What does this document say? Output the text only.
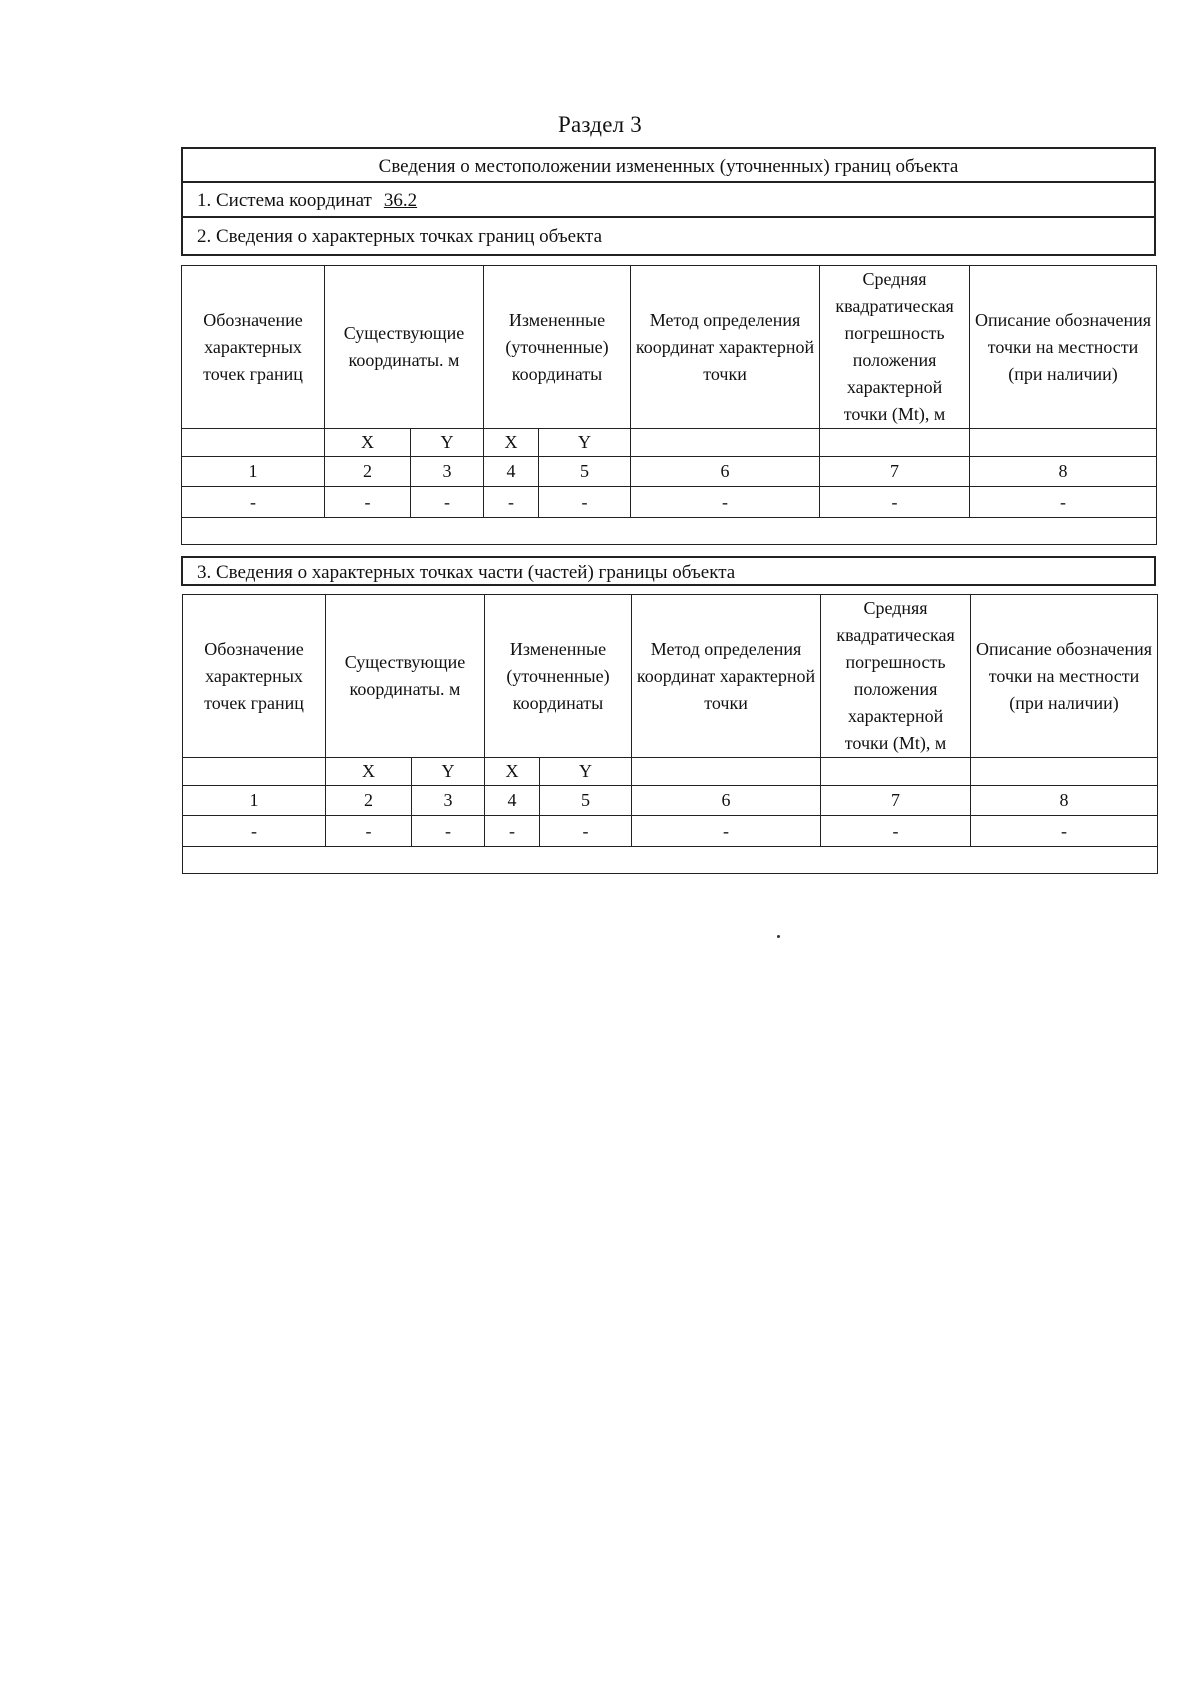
Раздел 3
Сведения о местоположении измененных (уточненных) границ объекта
1. Система координат 36.2
2. Сведения о характерных точках границ объекта
Обозначение характерных точек границ	Существующие координаты. м		Измененные (уточненные) координаты		Метод определения координат характерной точки	Средняя квадратическая погрешность положения характерной точки (Mt), м	Описание обозначения точки на местности (при наличии)
	X	Y	X	Y			
1	2	3	4	5	6	7	8
-	-	-	-	-	-	-	-

3. Сведения о характерных точках части (частей) границы объекта
Обозначение характерных точек границ	Существующие координаты. м		Измененные (уточненные) координаты		Метод определения координат характерной точки	Средняя квадратическая погрешность положения характерной точки (Mt), м	Описание обозначения точки на местности (при наличии)
	X	Y	X	Y			
1	2	3	4	5	6	7	8
-	-	-	-	-	-	-	-
